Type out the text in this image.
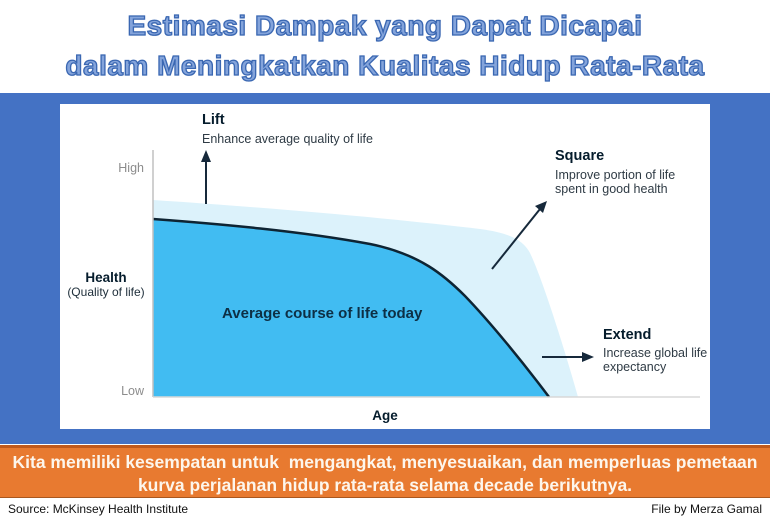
Estimasi Dampak yang Dapat Dicapai
dalam Meningkatkan Kualitas Hidup Rata-Rata
Lift
Enhance average quality of life
Square
Improve portion of life
spent in good health
Extend
Increase global life
expectancy
High
Low
Health
(Quality of life)
Average course of life today
Age
Kita memiliki kesempatan untuk  mengangkat, menyesuaikan, dan memperluas pemetaan
kurva perjalanan hidup rata-rata selama decade berikutnya.
Source: McKinsey Health Institute	File by Merza Gamal
